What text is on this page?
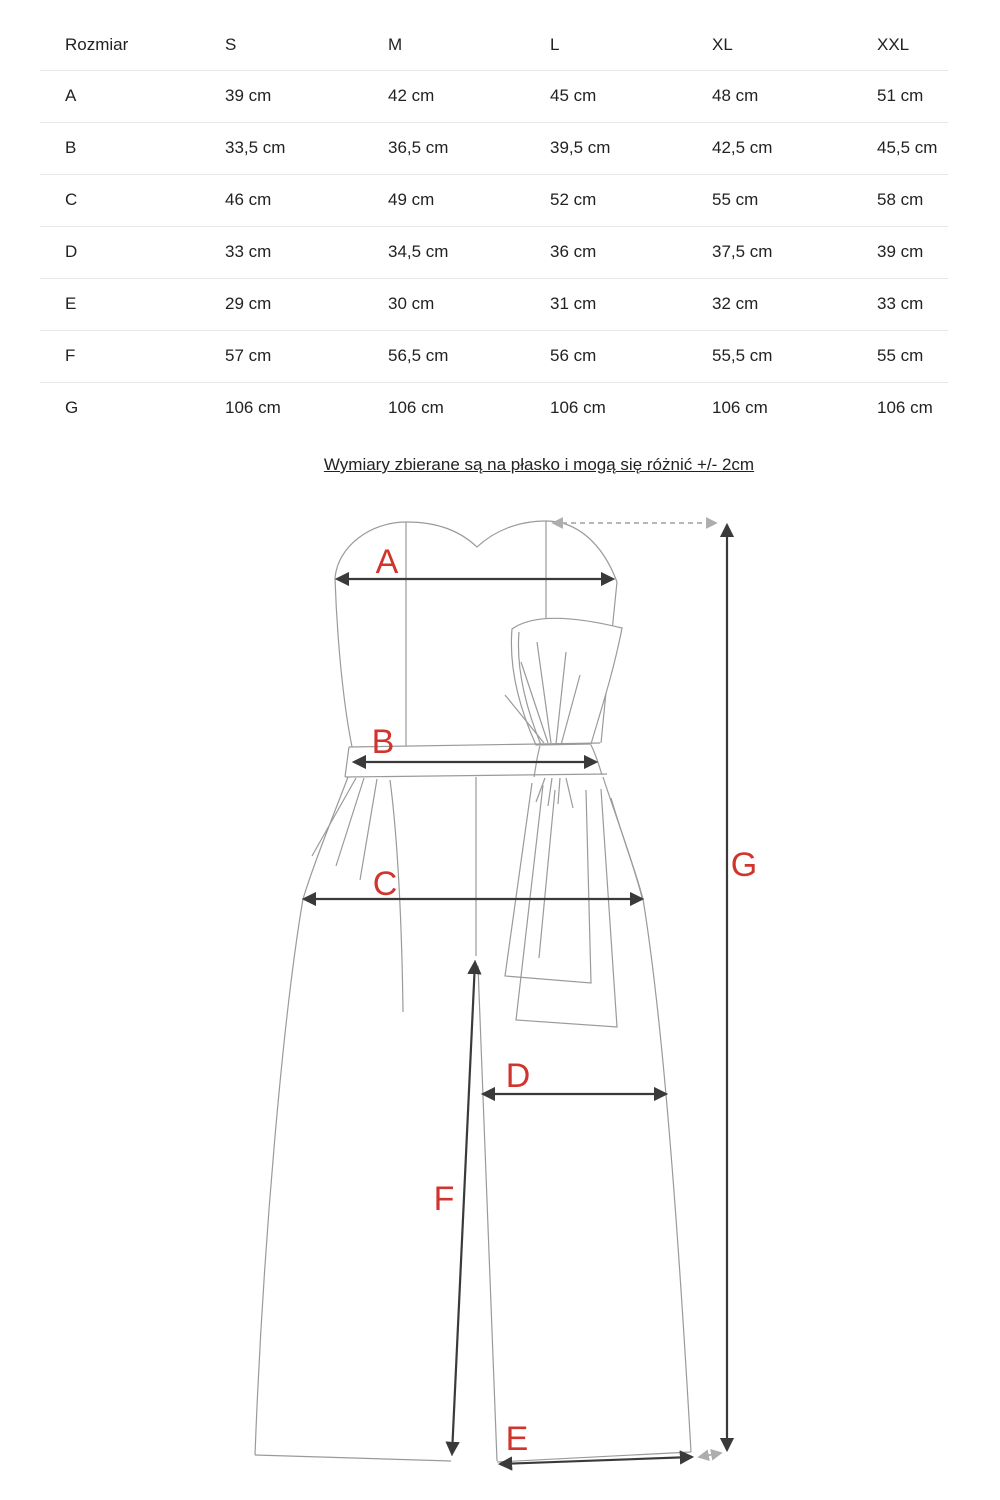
Rozmiar	S	M	L	XL	XXL
A	39 cm	42 cm	45 cm	48 cm	51 cm
B	33,5 cm	36,5 cm	39,5 cm	42,5 cm	45,5 cm
C	46 cm	49 cm	52 cm	55 cm	58 cm
D	33 cm	34,5 cm	36 cm	37,5 cm	39 cm
E	29 cm	30 cm	31 cm	32 cm	33 cm
F	57 cm	56,5 cm	56 cm	55,5 cm	55 cm
G	106 cm	106 cm	106 cm	106 cm	106 cm
Wymiary zbierane są na płasko i mogą się różnić +/- 2cm
A
B
C
D
E
F
G
